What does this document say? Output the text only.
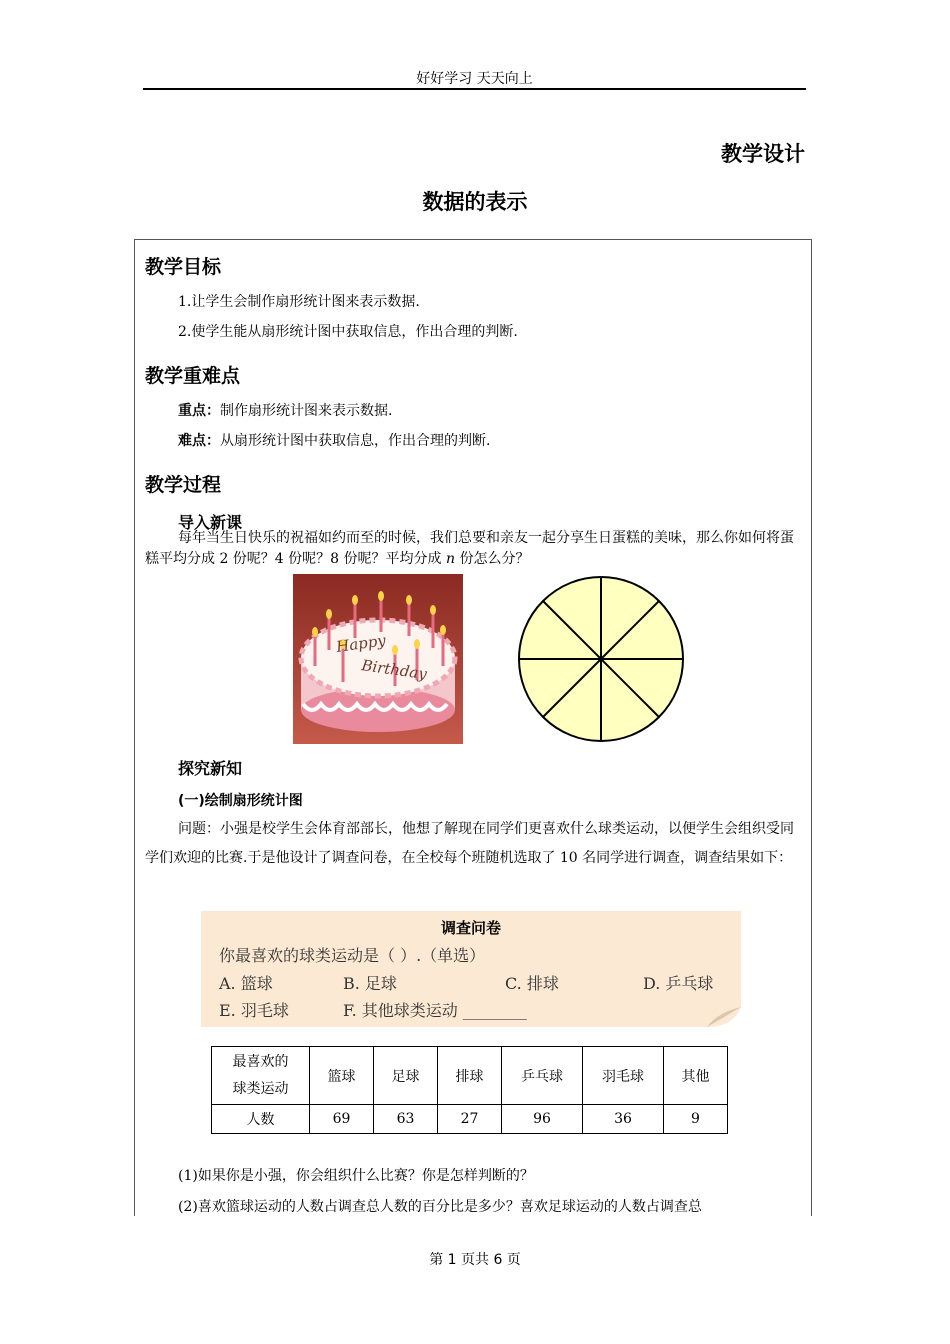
好好学习 天天向上
教学设计
数据的表示
教学目标
1.让学生会制作扇形统计图来表示数据.
2.使学生能从扇形统计图中获取信息，作出合理的判断.
教学重难点
重点：制作扇形统计图来表示数据.
难点：从扇形统计图中获取信息，作出合理的判断.
教学过程
导入新课
每年当生日快乐的祝福如约而至的时候，我们总要和亲友一起分享生日蛋糕的美味，那么你如何将蛋糕平均分成 2 份呢？4 份呢？8 份呢？平均分成 n 份怎么分？
Happy
Birthday
探究新知
(一)绘制扇形统计图
问题：小强是校学生会体育部部长，他想了解现在同学们更喜欢什么球类运动，以便学生会组织受同学们欢迎的比赛.于是他设计了调查问卷，在全校每个班随机选取了 10 名同学进行调查，调查结果如下：
调查问卷
你最喜欢的球类运动是（ ）.（单选）
A. 篮球	B. 足球	C. 排球	D. 乒乓球
E. 羽毛球	F. 其他球类运动 ________
最喜欢的
球类运动	篮球	足球	排球	乒乓球	羽毛球	其他
人数	69	63	27	96	36	9
(1)如果你是小强，你会组织什么比赛？你是怎样判断的？
(2)喜欢篮球运动的人数占调查总人数的百分比是多少？喜欢足球运动的人数占调查总
第 1 页共 6 页
